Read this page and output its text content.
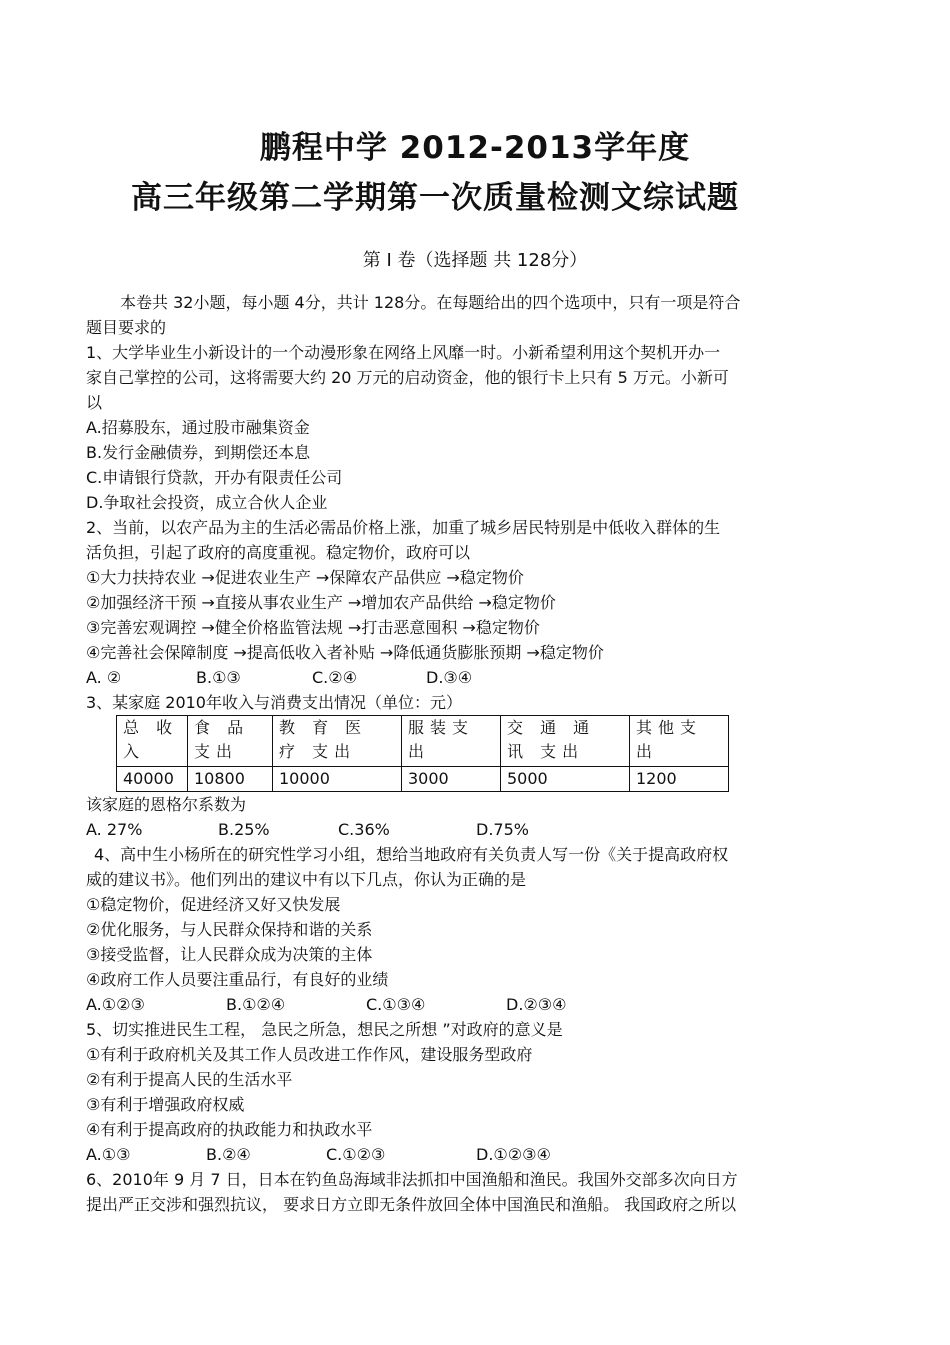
鹏程中学 2012-2013学年度
高三年级第二学期第一次质量检测文综试题
第 I 卷（选择题 共 128分）
本卷共 32小题，每小题 4分，共计 128分。在每题给出的四个选项中，只有一项是符合
题目要求的
1、大学毕业生小新设计的一个动漫形象在网络上风靡一时。小新希望利用这个契机开办一
家自己掌控的公司，这将需要大约 20 万元的启动资金，他的银行卡上只有 5 万元。小新可
以
A.招募股东，通过股市融集资金
B.发行金融债券，到期偿还本息
C.申请银行贷款，开办有限责任公司
D.争取社会投资，成立合伙人企业
2、当前，以农产品为主的生活必需品价格上涨，加重了城乡居民特别是中低收入群体的生
活负担，引起了政府的高度重视。稳定物价，政府可以
①大力扶持农业 →促进农业生产 →保障农产品供应 →稳定物价
②加强经济干预 →直接从事农业生产 →增加农产品供给 →稳定物价
③完善宏观调控 →健全价格监管法规 →打击恶意囤积 →稳定物价
④完善社会保障制度 →提高低收入者补贴 →降低通货膨胀预期 →稳定物价
A. ②	B.①③	C.②④	D.③④
3、某家庭 2010年收入与消费支出情况（单位：元）
总 收入	食 品 支出	教 育 医 疗 支出	服装支出	交 通 通 讯 支出	其他支出
40000	10800	10000	3000	5000	1200
该家庭的恩格尔系数为
A. 27%	B.25%	C.36%	D.75%
4、高中生小杨所在的研究性学习小组，想给当地政府有关负责人写一份《关于提高政府权
威的建议书》。他们列出的建议中有以下几点，你认为正确的是
①稳定物价，促进经济又好又快发展
②优化服务，与人民群众保持和谐的关系
③接受监督，让人民群众成为决策的主体
④政府工作人员要注重品行，有良好的业绩
A.①②③	B.①②④	C.①③④	D.②③④
5、切实推进民生工程， 急民之所急，想民之所想 ”对政府的意义是
①有利于政府机关及其工作人员改进工作作风，建设服务型政府
②有利于提高人民的生活水平
③有利于增强政府权威
④有利于提高政府的执政能力和执政水平
A.①③	B.②④	C.①②③	D.①②③④
6、2010年 9 月 7 日，日本在钓鱼岛海域非法抓扣中国渔船和渔民。我国外交部多次向日方
提出严正交涉和强烈抗议， 要求日方立即无条件放回全体中国渔民和渔船。 我国政府之所以
